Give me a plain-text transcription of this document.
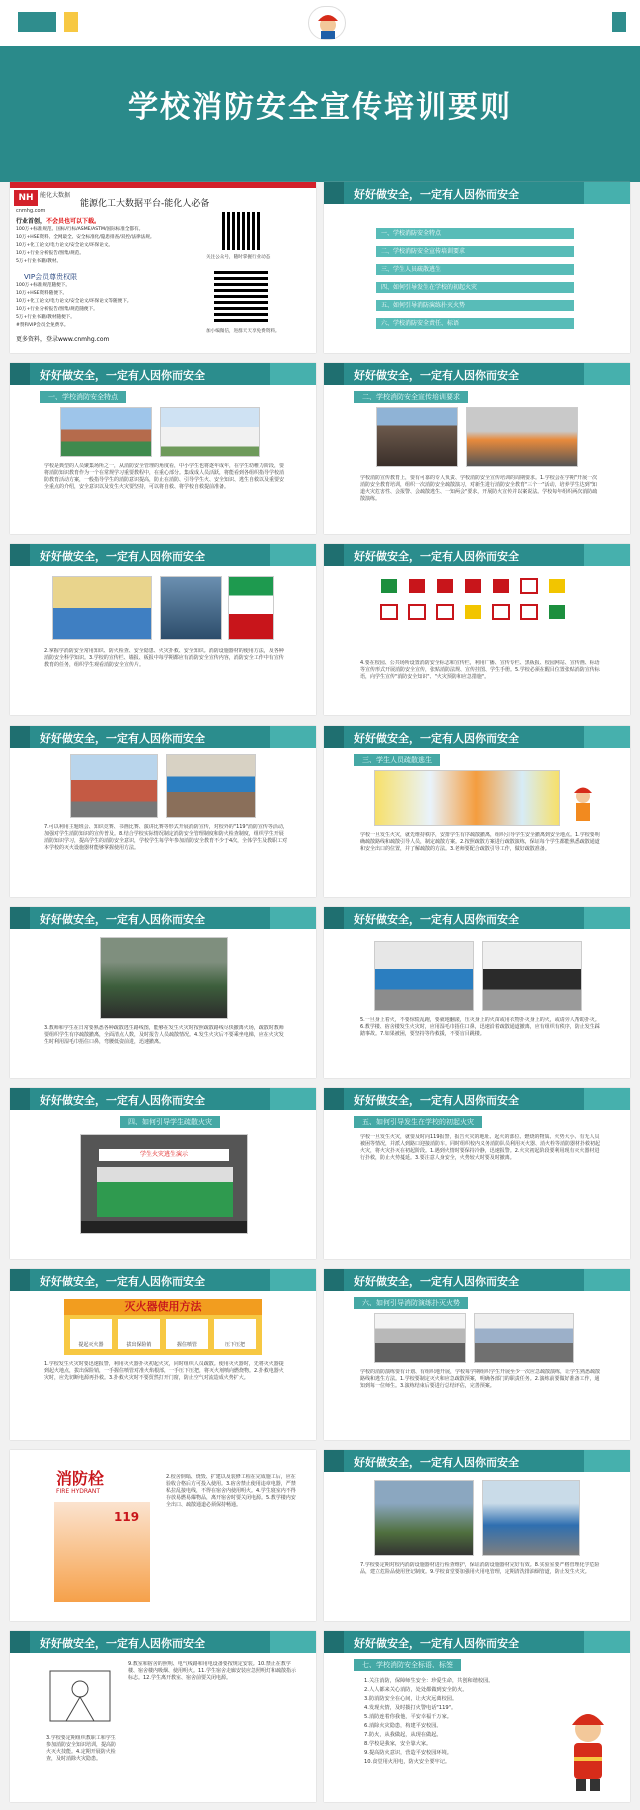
学校消防安全宣传培训要则
NH	能化大数据
cnmhg.com
能源化工大数据平台-能化人必备
行业首创，不会员也可以下载。
100万+标准规范、国标/行标/ASME/ASTM/国际标准全都有。
10万+HSE资料、全网最全、安全标准化/隐患排查/双控/法律法规。
10万+化工论文/电力论文/安全论文/环保论文。
10万+行业分析报告/图集/规范。
5万+行业书籍/教材。
VIP会员尊贵权限
100万+标准规范随便下。
10万+HSE资料随便下。
10万+化工论文/电力论文/安全论文/环保论文等随便下。
10万+行业分析报告/图集/规范随便下。
5万+行业书籍/教材随便下。
#赞和VIP会员全免费享。
更多资料，登录www.cnmhg.com
关注公众号，随时掌握行业动态
加小编微信，进群天天享免费资料。
好好做安全，一定有人因你而安全
一、学校消防安全特点
二、学校消防安全宣传培训要求
三、学生人员疏散逃生
四、如何引导发生在学校的初起火灾
五、如何引导消防演练扑灭火势
六、学校消防安全责任、标语
好好做安全，一定有人因你而安全
一、学校消防安全特点
学校是典型的人员聚集场所之一，从消防安全管理的角度看，中小学生也将逐年成年，在学生幼稚力阶段，要将消防知识教育作为一个在常规学习重要教程中，在重心部分。集成成人员活跃，将能看到各组织指导学校消防教育活动方案，一般指导学生的消防意识提高，防止在消防、引导学生火、安全知识、逃生自救以及重要安全重点的介绍，安全意识以及发生火灾要坚持，可以将自救、将学校自救提前准备。
好好做安全，一定有人因你而安全
二、学校消防安全宣传培训要求
学校消防宣传教育上，要有可靠的专人负责、学校消防安全宣传培训的周期要求。1.学校会在学期"开展一次消防安全教育培训，组织一次消防安全疏散演习，对新生进行消防安全教育"三个一"活动，培养学生达到"知道火灾危害性、会报警、会疏散逃生、一知两会"要求，开展防火宣传并以案说法。学校每年组织两次消防疏散演练。
好好做安全，一定有人因你而安全
2.掌握学消防安全常用知识、防火检查、安全隐患、火灾扑救、安全知识。消防设施器材的使用方法，及各种消防安全科学知识。3.学校的宣传栏、墙报、板报中每学期都应有消防安全宣传内容，消防安全工作中有宣传教育的任务，组织学生观看消防安全宣传片。
好好做安全，一定有人因你而安全
4.要在校园、公共场所设置消防安全标志和宣传栏，利用广播、宣传专栏、黑板报、校园网站、宣传画、标语等宣传形式开展消防安全宣传，张贴消防法规、宣传挂图、学生手册。5.学校必须在醒目位置张贴消防宣传标语，向学生宣传"消防安全知识"、"火灾预防和应急措施"。
好好做安全，一定有人因你而安全
7.可以利用主题班会、知识竞赛、书画比赛、演讲比赛等形式开展消防宣传，对校外的"119"消防宣传等活动，加强对学生消防知识的宣传普及。8.结合学校实际情况制定消防安全管理制度和防火检查制度，组织学生开展消防知识学习，提高学生的消防安全意识，学校学生每学年参加消防安全教育不少于4次，全体学生及教职工对本学校的灭火设施器材能够掌握使用方法。
好好做安全，一定有人因你而安全
三、学生人员疏散逃生
学校一旦发生火灾，就先维持秩序，安排学生有序疏散撤离，组织引导学生安全撤离到安全地点。1.学校要明确疏散路线和疏散引导人员，制定疏散方案。2.按照疏散方案进行疏散演练，保证每个学生都能熟悉疏散通道和安全出口的位置，并了解疏散的方法。3.老师要配合疏散引导工作，做好疏散准备。
好好做安全，一定有人因你而安全
3.教师和学生在日常要熟悉各种疏散逃生路线图，能够在发生火灾时按照疏散路线尽快撤离火场，疏散时教师要组织学生有序疏散撤离，全面清点人数，及时报告人员疏散情况。4.发生火灾后不要乘坐电梯，应在火灾发生时利用湿毛巾捂住口鼻，弯腰低姿前进，迅速撤离。
好好做安全，一定有人因你而安全
5.一旦身上着火，不要惊慌乱跑，要就地翻滚，压灭身上的火苗或用衣物扑灭身上的火，或请旁人帮助扑灭。6.教学楼、宿舍楼发生火灾时，应用湿毛巾捂住口鼻，迅速沿着疏散通道撤离，应有组织有秩序，防止发生踩踏事故。7.如果被困，要坚持等待救援，不要盲目跳楼。
好好做安全，一定有人因你而安全
四、如何引导学生疏散火灾
学生火灾逃生演示
好好做安全，一定有人因你而安全
五、如何引导发生在学校的初起火灾
学校一旦发生火灾，就要及时向119报警，报告火灾的地址、起火的部位、燃烧的物质、火势大小、有无人员被困等情况，并派人到路口迎接消防车。同时组织校内义务消防队员利用灭火器、消火栓等消防器材扑救初起火灾，将火灾扑灭在初起阶段。1.遇到火情时要保持冷静，迅速报警。2.火灾初起阶段要利用现有灭火器材进行扑救，防止火势蔓延。3.要注意人身安全，火势较大时要及时撤离。
好好做安全，一定有人因你而安全
灭火器使用方法
提起灭火器	拔出保险销	握住喷管	压下压把
1.学校发生火灾时要迅速报警，利用灭火器扑灭初起火灾，同时组织人员疏散。使用灭火器时，先将灭火器提到起火地点，拔出保险销，一手握住喷管对准火焰根部，一手压下压把，将灭火剂喷向燃烧物。2.扑救电器火灾时，应先切断电源再扑救。3.扑救火灾时不要贸然打开门窗，防止空气对流造成火势扩大。
好好做安全，一定有人因你而安全
六、如何引导消防演练扑灭火势
学校的消防演练要有计划、有组织地开展，学校每学期组织学生开展至少一次应急疏散演练，让学生熟悉疏散路线和逃生方法。1.学校要制定灭火和应急疏散预案，明确各部门的职责任务。2.演练前要做好准备工作，通知到每一位师生。3.演练结束后要进行总结评估，完善预案。
消防栓
FIRE HYDRANT
119
2.校舍倒塌、烧毁、扩建以及装修工程在完成施工后，应在验收合格后方可投入使用。3.宿舍禁止使用违章电器，严禁私拉乱接电线，不得在宿舍内使用明火。4.学生寝室内不得存放易燃易爆物品，离开宿舍时要关闭电源。5.教学楼内安全出口、疏散通道必须保持畅通。
好好做安全，一定有人因你而安全
7.学校要定期对校内消防设施器材进行检查维护，保证消防设施器材完好有效。8.实验室要严格管理化学危险品，建立危险品使用登记制度。9.学校食堂要加强用火用电管理，定期清洗排油烟管道，防止发生火灾。
好好做安全，一定有人因你而安全
3.学校要定期组织教职工和学生参加消防安全知识培训，提高防火灭火技能。4.定期开展防火检查，及时消除火灾隐患。
9.教室和宿舍的照明、电气线路和用电设备要按规定安装。10.禁止在教学楼、宿舍楼内吸烟、使用明火。11.学生宿舍走廊安装应急照明灯和疏散指示标志。12.学生离开教室、宿舍前要关闭电源。
好好做安全，一定有人因你而安全
七、学校消防安全标语、标签
1.关注消防，保障师生安全：珍爱生命，共创和谐校园。
2.人人都来关心消防，处处都做到安全防火。
3.防消防安全在心间，让火灾远离校园。
4.发现火情，及时拨打火警电话"119"。
5.消防连着你我他，平安幸福千万家。
6.消除火灾隐患，构建平安校园。
7.防火，从我做起，从现在做起。
8.学校是我家，安全靠大家。
9.提高防火意识，营造平安校园环境。
10.食堂用火用电，防火安全要牢记。
